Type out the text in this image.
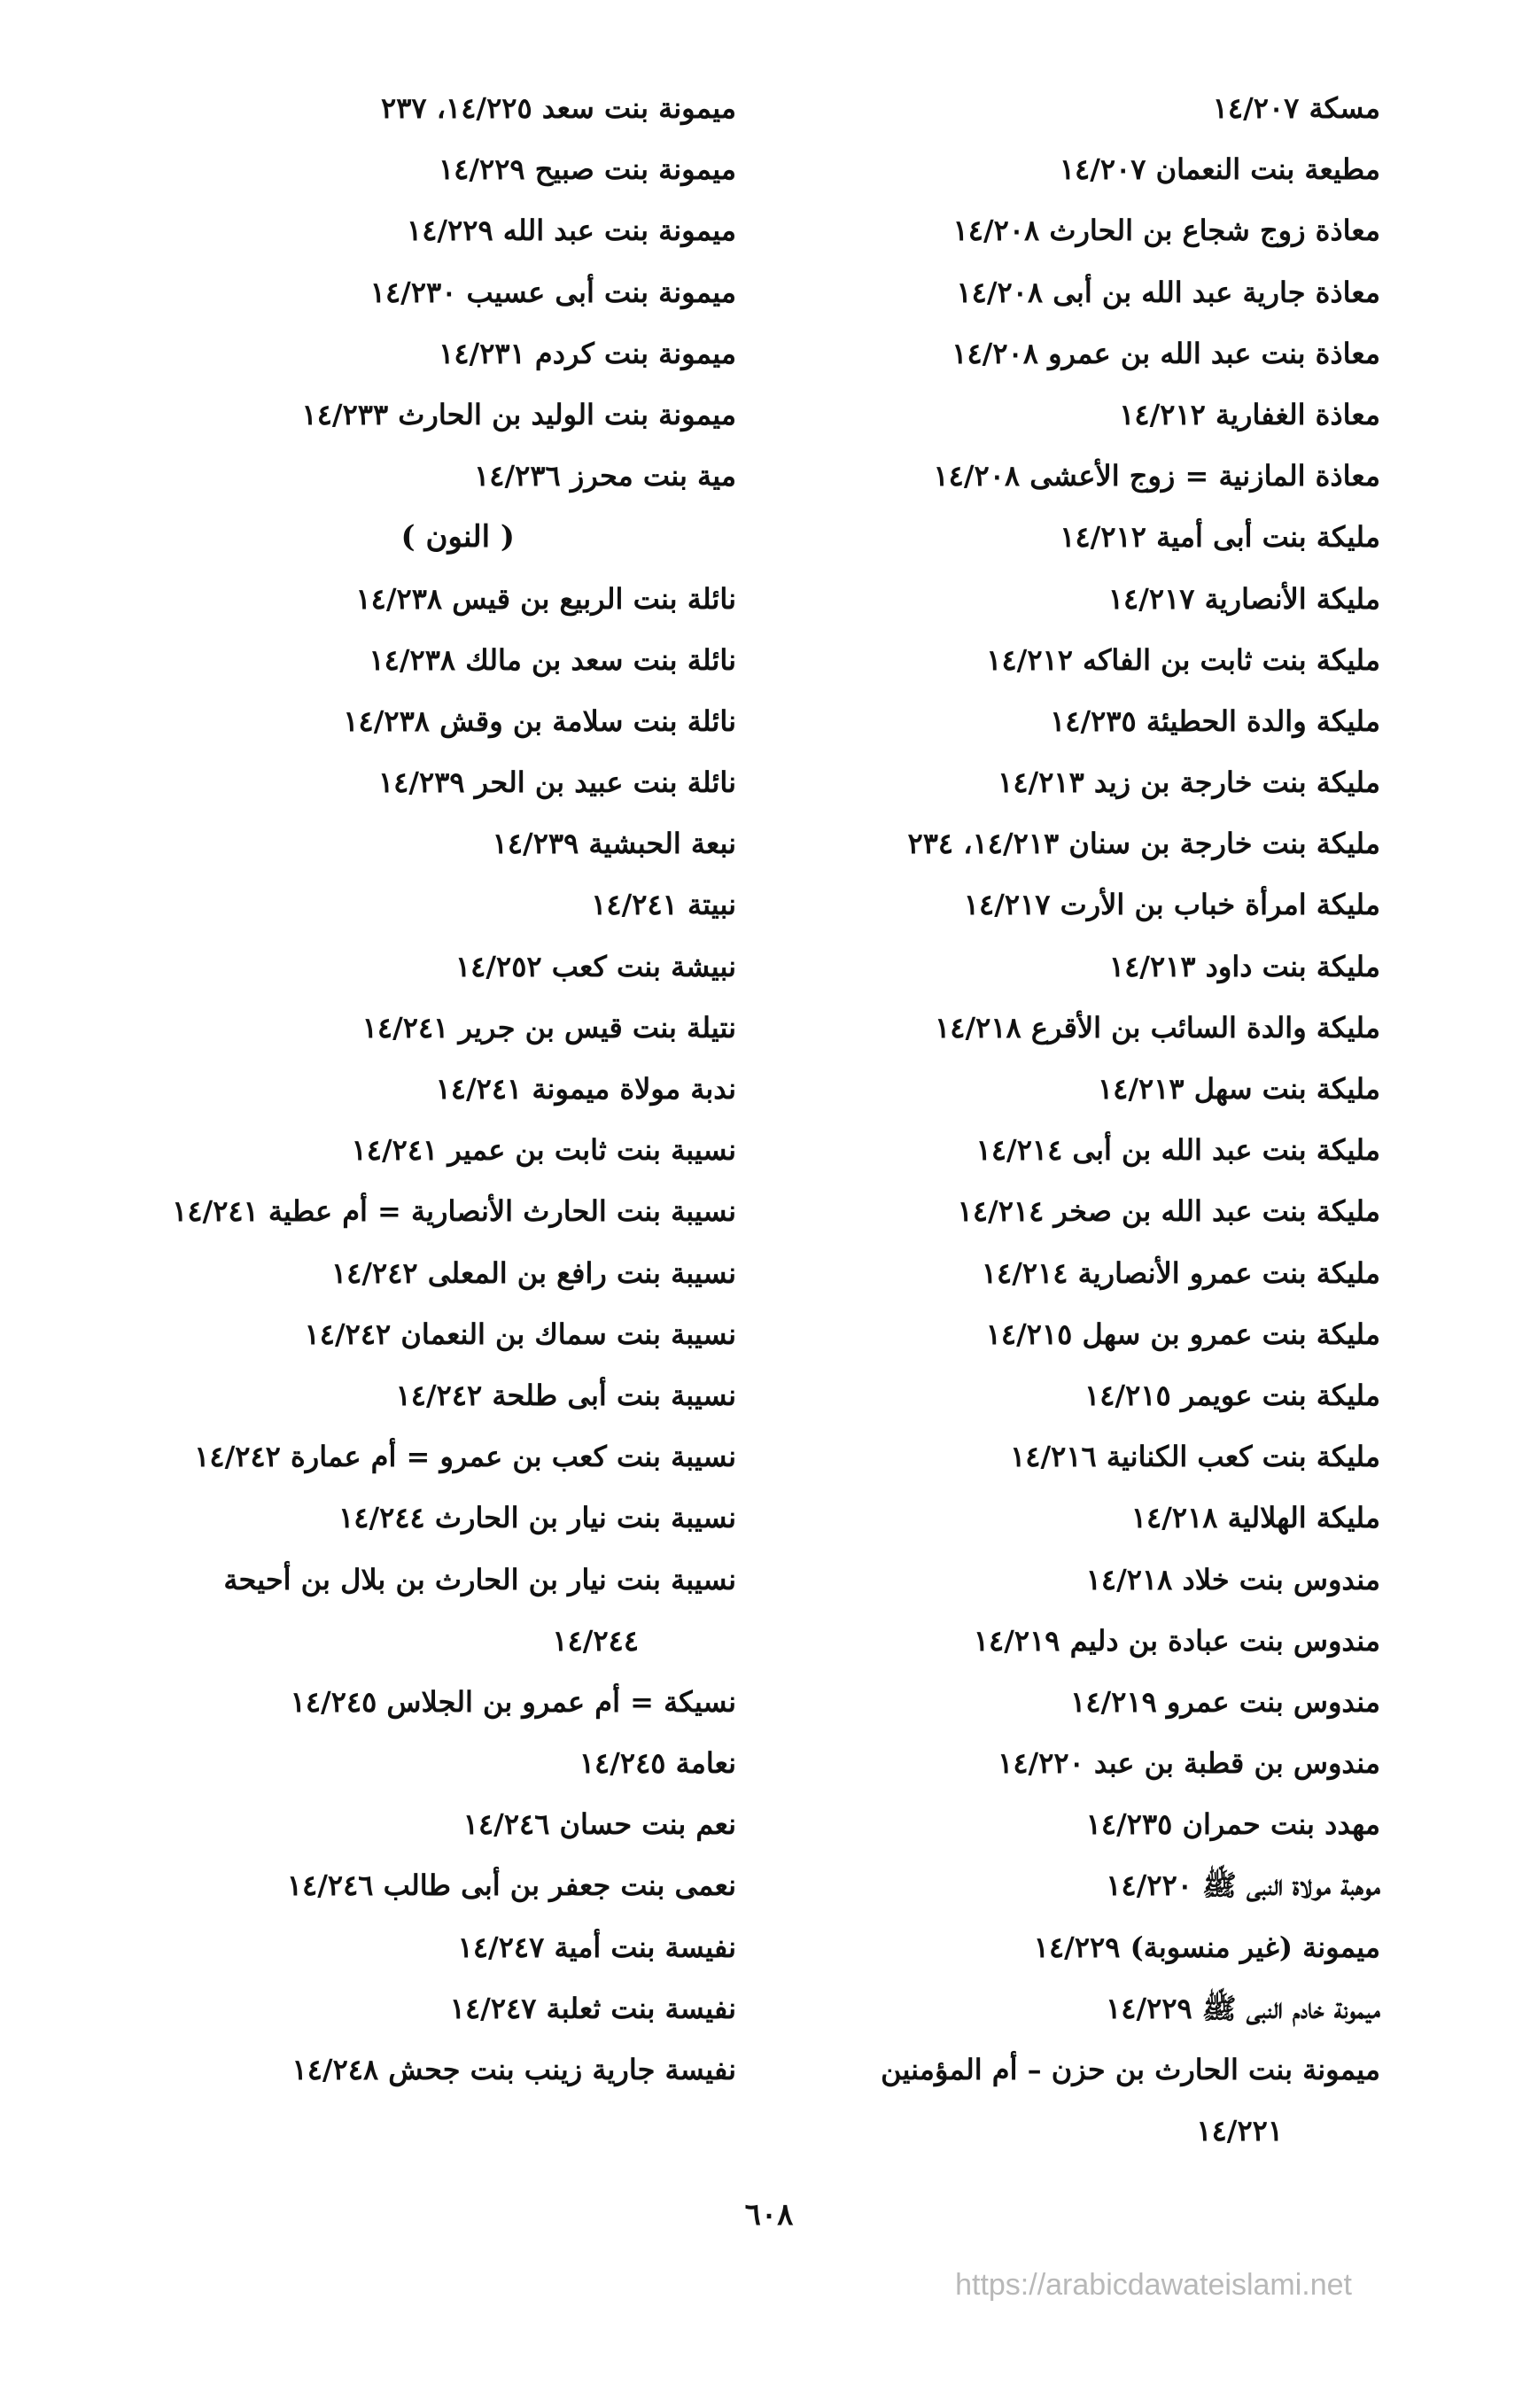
مسكة ١٤/٢٠٧
مطيعة بنت النعمان ١٤/٢٠٧
معاذة زوج شجاع بن الحارث ١٤/٢٠٨
معاذة جارية عبد الله بن أبى ١٤/٢٠٨
معاذة بنت عبد الله بن عمرو ١٤/٢٠٨
معاذة الغفارية ١٤/٢١٢
معاذة المازنية = زوج الأعشى ١٤/٢٠٨
مليكة بنت أبى أمية ١٤/٢١٢
مليكة الأنصارية ١٤/٢١٧
مليكة بنت ثابت بن الفاكه ١٤/٢١٢
مليكة والدة الحطيئة ١٤/٢٣٥
مليكة بنت خارجة بن زيد ١٤/٢١٣
مليكة بنت خارجة بن سنان ١٤/٢١٣، ٢٣٤
مليكة امرأة خباب بن الأرت ١٤/٢١٧
مليكة بنت داود ١٤/٢١٣
مليكة والدة السائب بن الأقرع ١٤/٢١٨
مليكة بنت سهل ١٤/٢١٣
مليكة بنت عبد الله بن أبى ١٤/٢١٤
مليكة بنت عبد الله بن صخر ١٤/٢١٤
مليكة بنت عمرو الأنصارية ١٤/٢١٤
مليكة بنت عمرو بن سهل ١٤/٢١٥
مليكة بنت عويمر ١٤/٢١٥
مليكة بنت كعب الكنانية ١٤/٢١٦
مليكة الهلالية ١٤/٢١٨
مندوس بنت خلاد ١٤/٢١٨
مندوس بنت عبادة بن دليم ١٤/٢١٩
مندوس بنت عمرو ١٤/٢١٩
مندوس بن قطبة بن عبد ١٤/٢٢٠
مهدد بنت حمران ١٤/٢٣٥
موهبة مولاة النبى ﷺ ١٤/٢٢٠
ميمونة (غير منسوبة) ١٤/٢٢٩
ميمونة خادم النبى ﷺ ١٤/٢٢٩
ميمونة بنت الحارث بن حزن – أم المؤمنين
١٤/٢٢١
ميمونة بنت سعد ١٤/٢٢٥، ٢٣٧
ميمونة بنت صبيح ١٤/٢٢٩
ميمونة بنت عبد الله ١٤/٢٢٩
ميمونة بنت أبى عسيب ١٤/٢٣٠
ميمونة بنت كردم ١٤/٢٣١
ميمونة بنت الوليد بن الحارث ١٤/٢٣٣
مية بنت محرز ١٤/٢٣٦
( النون )
نائلة بنت الربيع بن قيس ١٤/٢٣٨
نائلة بنت سعد بن مالك ١٤/٢٣٨
نائلة بنت سلامة بن وقش ١٤/٢٣٨
نائلة بنت عبيد بن الحر ١٤/٢٣٩
نبعة الحبشية ١٤/٢٣٩
نبيتة ١٤/٢٤١
نبيشة بنت كعب ١٤/٢٥٢
نتيلة بنت قيس بن جرير ١٤/٢٤١
ندبة مولاة ميمونة ١٤/٢٤١
نسيبة بنت ثابت بن عمير ١٤/٢٤١
نسيبة بنت الحارث الأنصارية = أم عطية ١٤/٢٤١
نسيبة بنت رافع بن المعلى ١٤/٢٤٢
نسيبة بنت سماك بن النعمان ١٤/٢٤٢
نسيبة بنت أبى طلحة ١٤/٢٤٢
نسيبة بنت كعب بن عمرو = أم عمارة ١٤/٢٤٢
نسيبة بنت نيار بن الحارث ١٤/٢٤٤
نسيبة بنت نيار بن الحارث بن بلال بن أحيحة
١٤/٢٤٤
نسيكة = أم عمرو بن الجلاس ١٤/٢٤٥
نعامة ١٤/٢٤٥
نعم بنت حسان ١٤/٢٤٦
نعمى بنت جعفر بن أبى طالب ١٤/٢٤٦
نفيسة بنت أمية ١٤/٢٤٧
نفيسة بنت ثعلبة ١٤/٢٤٧
نفيسة جارية زينب بنت جحش ١٤/٢٤٨
٦٠٨
https://arabicdawateislami.net
